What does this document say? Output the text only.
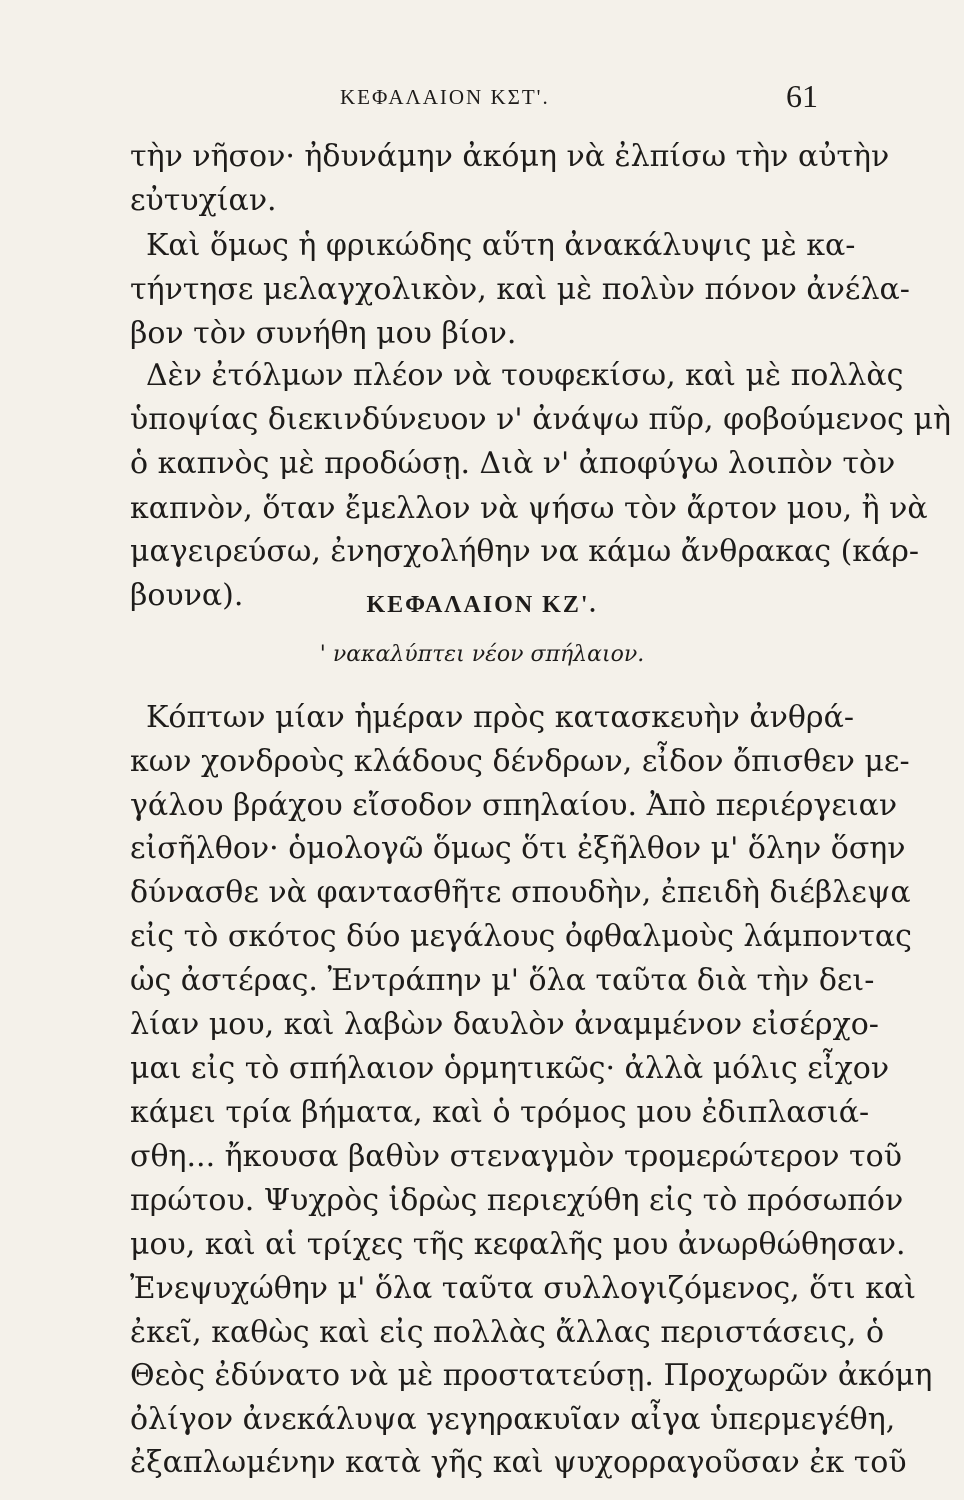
ΚΕΦΑΛΑΙΟΝ ΚΣΤ'.	61
τὴν νῆσον· ἠδυνάμην ἀκόμη νὰ ἐλπίσω τὴν αὐτὴν
εὐτυχίαν.
Καὶ ὅμως ἡ φρικώδης αὕτη ἀνακάλυψις μὲ κα-
τήντησε μελαγχολικὸν, καὶ μὲ πολὺν πόνον ἀνέλα-
βον τὸν συνήθη μου βίον.
Δὲν ἐτόλμων πλέον νὰ τουφεκίσω, καὶ μὲ πολλὰς
ὑποψίας διεκινδύνευον ν' ἀνάψω πῦρ, φοβούμενος μὴ
ὁ καπνὸς μὲ προδώσῃ. Διὰ ν' ἀποφύγω λοιπὸν τὸν
καπνὸν, ὅταν ἔμελλον νὰ ψήσω τὸν ἄρτον μου, ἢ νὰ
μαγειρεύσω, ἐνησχολήθην να κάμω ἄνθρακας (κάρ-
βουνα).	ΚΕΦΑΛΑΙΟΝ ΚΖ'.
' νακαλύπτει νέον σπήλαιον.
Κόπτων μίαν ἡμέραν πρὸς κατασκευὴν ἀνθρά-
κων χονδροὺς κλάδους δένδρων, εἶδον ὄπισθεν με-
γάλου βράχου εἴσοδον σπηλαίου. Ἀπὸ περιέργειαν
εἰσῆλθον· ὁμολογῶ ὅμως ὅτι ἐξῆλθον μ' ὅλην ὅσην
δύνασθε νὰ φαντασθῆτε σπουδὴν, ἐπειδὴ διέβλεψα
εἰς τὸ σκότος δύο μεγάλους ὀφθαλμοὺς λάμποντας
ὡς ἀστέρας. Ἐντράπην μ' ὅλα ταῦτα διὰ τὴν δει-
λίαν μου, καὶ λαβὼν δαυλὸν ἀναμμένον εἰσέρχο-
μαι εἰς τὸ σπήλαιον ὁρμητικῶς· ἀλλὰ μόλις εἶχον
κάμει τρία βήματα, καὶ ὁ τρόμος μου ἐδιπλασιά-
σθη... ἤκουσα βαθὺν στεναγμὸν τρομερώτερον τοῦ
πρώτου. Ψυχρὸς ἱδρὼς περιεχύθη εἰς τὸ πρόσωπόν
μου, καὶ αἱ τρίχες τῆς κεφαλῆς μου ἀνωρθώθησαν.
Ἐνεψυχώθην μ' ὅλα ταῦτα συλλογιζόμενος, ὅτι καὶ
ἐκεῖ, καθὼς καὶ εἰς πολλὰς ἄλλας περιστάσεις, ὁ
Θεὸς ἐδύνατο νὰ μὲ προστατεύσῃ. Προχωρῶν ἀκόμη
ὀλίγον ἀνεκάλυψα γεγηρακυῖαν αἶγα ὑπερμεγέθη,
ἐξαπλωμένην κατὰ γῆς καὶ ψυχορραγοῦσαν ἐκ τοῦ
